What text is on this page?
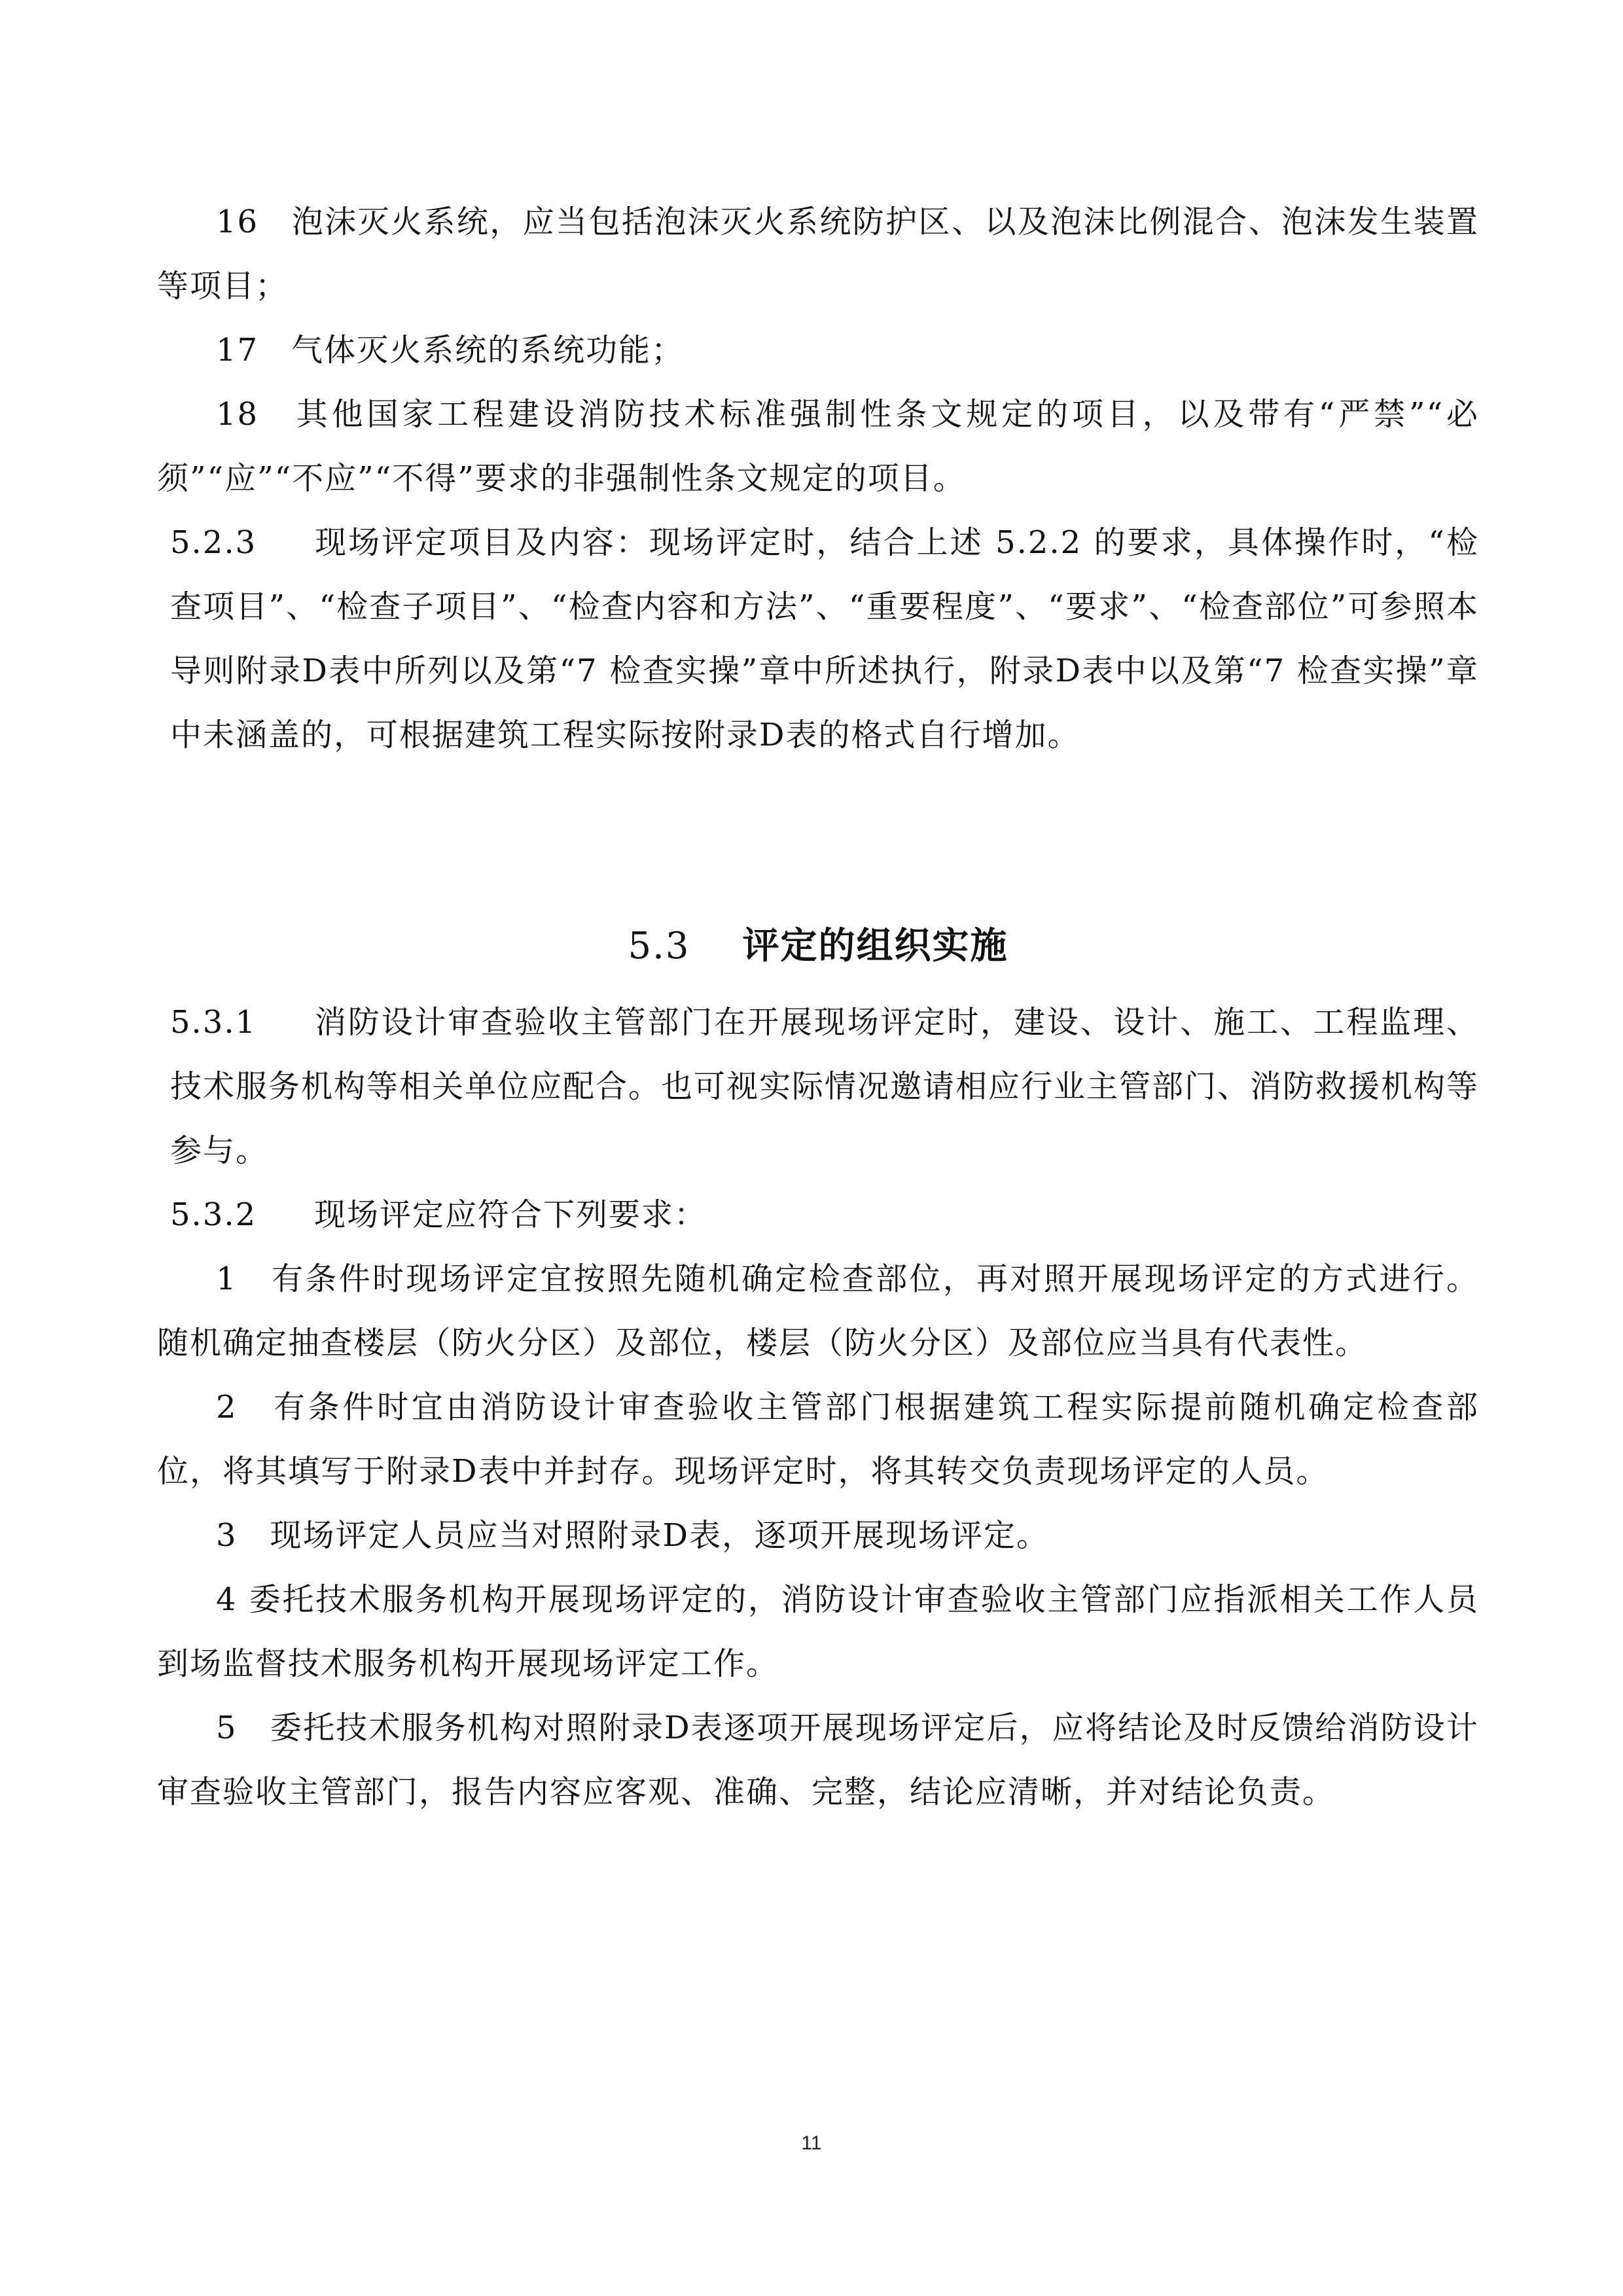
16　泡沫灭火系统，应当包括泡沫灭火系统防护区、以及泡沫比例混合、泡沫发生装置等项目；

17　气体灭火系统的系统功能；

18　其他国家工程建设消防技术标准强制性条文规定的项目，以及带有“严禁”“必须”“应”“不应”“不得”要求的非强制性条文规定的项目。

5.2.3 现场评定项目及内容：现场评定时，结合上述 5.2.2 的要求，具体操作时，“检查项目”、“检查子项目”、“检查内容和方法”、“重要程度”、“要求”、“检查部位”可参照本导则附录D表中所列以及第“7 检查实操”章中所述执行，附录D表中以及第“7 检查实操”章中未涵盖的，可根据建筑工程实际按附录D表的格式自行增加。

5.3 评定的组织实施

5.3.1 消防设计审查验收主管部门在开展现场评定时，建设、设计、施工、工程监理、技术服务机构等相关单位应配合。也可视实际情况邀请相应行业主管部门、消防救援机构等参与。

5.3.2 现场评定应符合下列要求：

1　有条件时现场评定宜按照先随机确定检查部位，再对照开展现场评定的方式进行。随机确定抽查楼层（防火分区）及部位，楼层（防火分区）及部位应当具有代表性。

2　有条件时宜由消防设计审查验收主管部门根据建筑工程实际提前随机确定检查部位，将其填写于附录D表中并封存。现场评定时，将其转交负责现场评定的人员。

3　现场评定人员应当对照附录D表，逐项开展现场评定。

4 委托技术服务机构开展现场评定的，消防设计审查验收主管部门应指派相关工作人员到场监督技术服务机构开展现场评定工作。

5　委托技术服务机构对照附录D表逐项开展现场评定后，应将结论及时反馈给消防设计审查验收主管部门，报告内容应客观、准确、完整，结论应清晰，并对结论负责。

11
